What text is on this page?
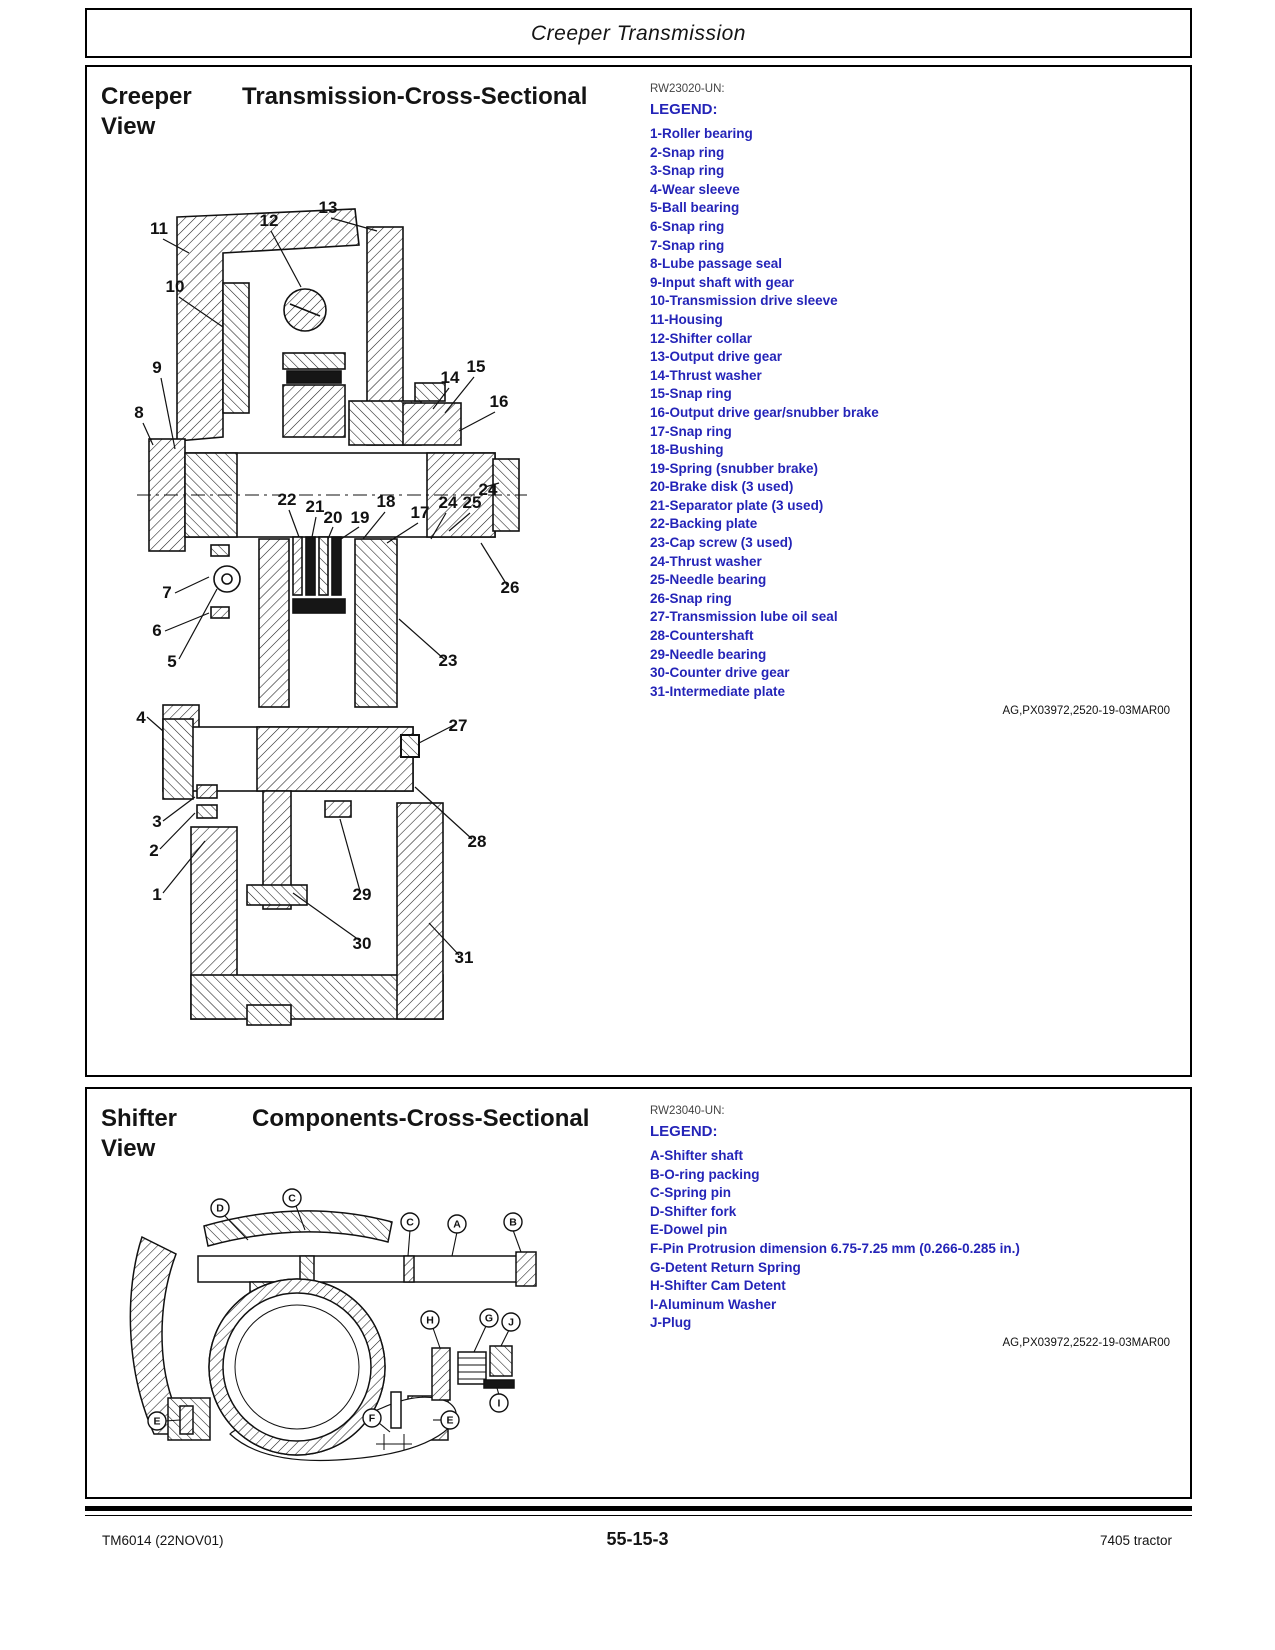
Creeper Transmission
Creeper Transmission-Cross-Sectional
View
RW23020-UN:
LEGEND:
1-Roller bearing
2-Snap ring
3-Snap ring
4-Wear sleeve
5-Ball bearing
6-Snap ring
7-Snap ring
8-Lube passage seal
9-Input shaft with gear
10-Transmission drive sleeve
11-Housing
12-Shifter collar
13-Output drive gear
14-Thrust washer
15-Snap ring
16-Output drive gear/snubber brake
17-Snap ring
18-Bushing
19-Spring (snubber brake)
20-Brake disk (3 used)
21-Separator plate (3 used)
22-Backing plate
23-Cap screw (3 used)
24-Thrust washer
25-Needle bearing
26-Snap ring
27-Transmission lube oil seal
28-Countershaft
29-Needle bearing
30-Counter drive gear
31-Intermediate plate
AG,PX03972,2520-19-03MAR00
11	12
13
10
9
8
14
15
16
24
22 21
20 19
18
17
24 25
26
7
6
5	23
4	27
3
2
1
28
29
30
31
Shifter	Components-Cross-Sectional
View
RW23040-UN:
LEGEND:
A-Shifter shaft
B-O-ring packing
C-Spring pin
D-Shifter fork
E-Dowel pin
F-Pin Protrusion dimension 6.75-7.25 mm (0.266-0.285 in.)
G-Detent Return Spring
H-Shifter Cam Detent
I-Aluminum Washer
J-Plug
AG,PX03972,2522-19-03MAR00
D
C
C	A	B
H	G J
I
E	F	E
TM6014 (22NOV01)	55-15-3	7405 tractor
